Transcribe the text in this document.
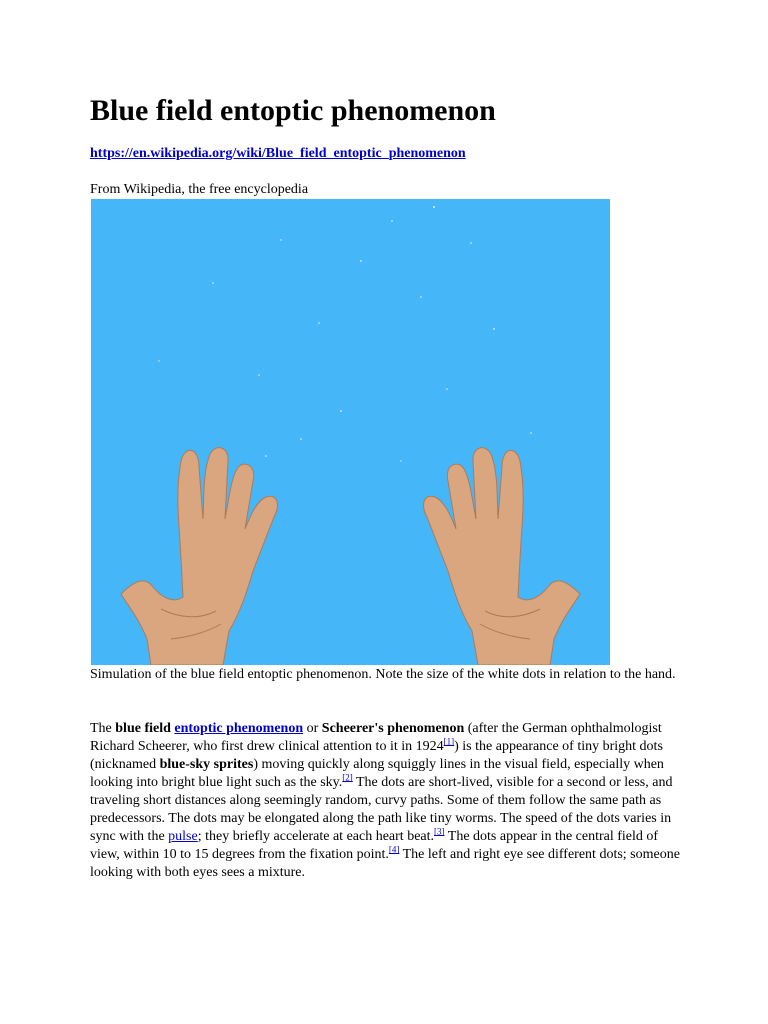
Blue field entoptic phenomenon
https://en.wikipedia.org/wiki/Blue_field_entoptic_phenomenon
From Wikipedia, the free encyclopedia
Simulation of the blue field entoptic phenomenon. Note the size of the white dots in relation to the hand.
The blue field entoptic phenomenon or Scheerer's phenomenon (after the German ophthalmologist Richard Scheerer, who first drew clinical attention to it in 1924[1]) is the appearance of tiny bright dots (nicknamed blue-sky sprites) moving quickly along squiggly lines in the visual field, especially when looking into bright blue light such as the sky.[2] The dots are short-lived, visible for a second or less, and traveling short distances along seemingly random, curvy paths. Some of them follow the same path as predecessors. The dots may be elongated along the path like tiny worms. The speed of the dots varies in sync with the pulse; they briefly accelerate at each heart beat.[3] The dots appear in the central field of view, within 10 to 15 degrees from the fixation point.[4] The left and right eye see different dots; someone looking with both eyes sees a mixture.
